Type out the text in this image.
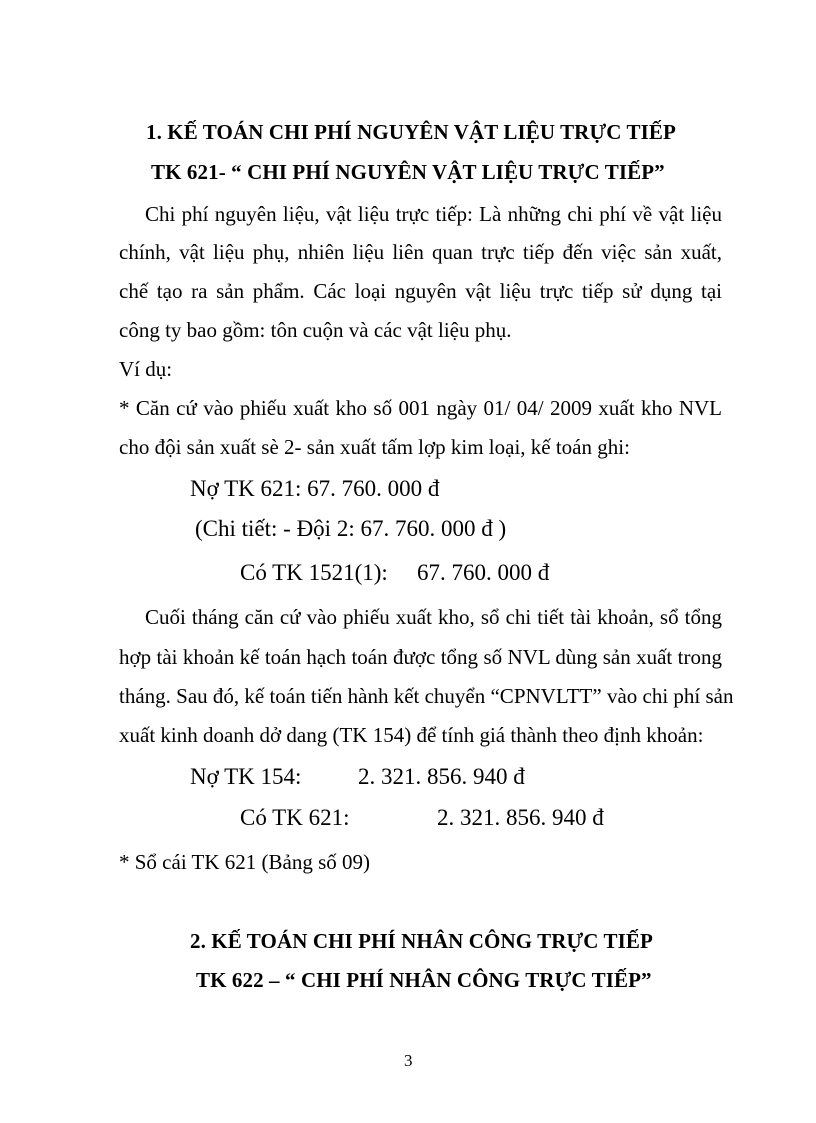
1. KẾ TOÁN CHI PHÍ NGUYÊN VẬT LIỆU TRỰC TIẾP
TK 621- “ CHI PHÍ NGUYÊN VẬT LIỆU TRỰC TIẾP”
Chi phí nguyên liệu, vật liệu trực tiếp: Là những chi phí về vật liệu
chính, vật liệu phụ, nhiên liệu liên quan trực tiếp đến việc sản xuất,
chế tạo ra sản phẩm. Các loại nguyên vật liệu trực tiếp sử dụng tại
công ty bao gồm: tôn cuộn và các vật liệu phụ.
Ví dụ:
* Căn cứ vào phiếu xuất kho số 001 ngày 01/ 04/ 2009 xuất kho NVL
cho đội sản xuất sè 2- sản xuất tấm lợp kim loại, kế toán ghi:
Nợ TK 621: 67. 760. 000 đ
(Chi tiết: - Đội 2: 67. 760. 000 đ )
Có TK 1521(1): 67. 760. 000 đ
Cuối tháng căn cứ vào phiếu xuất kho, sổ chi tiết tài khoản, sổ tổng
hợp tài khoản kế toán hạch toán được tổng số NVL dùng sản xuất trong
tháng. Sau đó, kế toán tiến hành kết chuyển “CPNVLTT” vào chi phí sản
xuất kinh doanh dở dang (TK 154) để tính giá thành theo định khoản:
Nợ TK 154: 2. 321. 856. 940 đ
Có TK 621:	2. 321. 856. 940 đ
* Sổ cái TK 621 (Bảng số 09)
2. KẾ TOÁN CHI PHÍ NHÂN CÔNG TRỰC TIẾP
TK 622 – “ CHI PHÍ NHÂN CÔNG TRỰC TIẾP”
3
